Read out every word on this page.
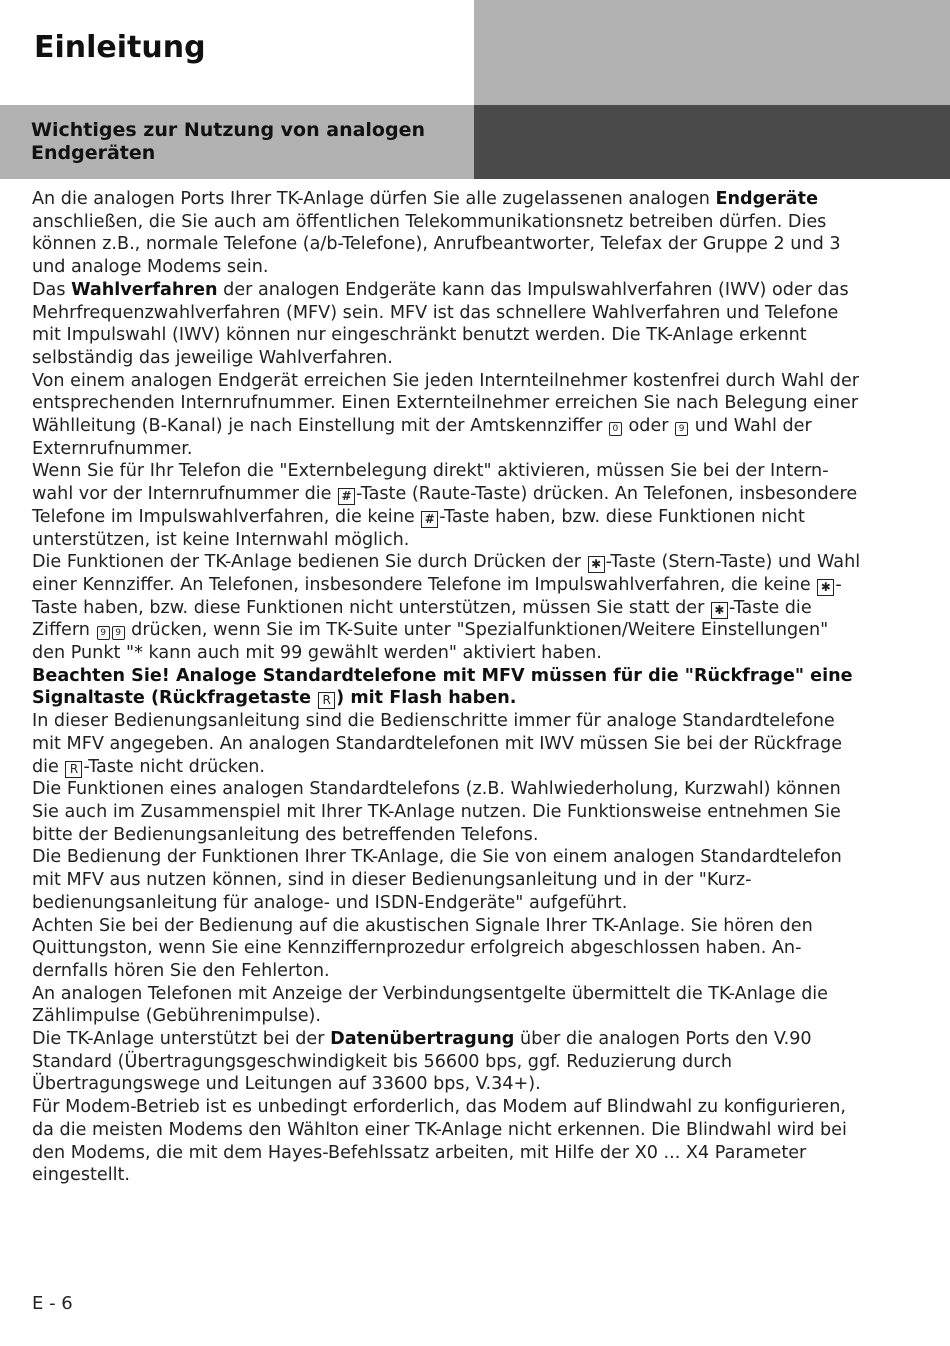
Einleitung
Wichtiges zur Nutzung von analogen Endgeräten

An die analogen Ports Ihrer TK-Anlage dürfen Sie alle zugelassenen analogen Endgeräte anschließen, die Sie auch am öffentlichen Telekommunikationsnetz betreiben dürfen. Dies können z.B., normale Telefone (a/b-Telefone), Anrufbeantworter, Telefax der Gruppe 2 und 3 und analoge Modems sein.

Das Wahlverfahren der analogen Endgeräte kann das Impulswahlverfahren (IWV) oder das Mehrfrequenzwahlverfahren (MFV) sein. MFV ist das schnellere Wahlverfahren und Telefone mit Impulswahl (IWV) können nur eingeschränkt benutzt werden. Die TK-Anlage erkennt selbständig das jeweilige Wahlverfahren.

Von einem analogen Endgerät erreichen Sie jeden Internteilnehmer kostenfrei durch Wahl der entsprechenden Internrufnummer. Einen Externteilnehmer erreichen Sie nach Belegung einer Wählleitung (B-Kanal) je nach Einstellung mit der Amtskennziffer 0 oder 9 und Wahl der Externrufnummer.

Wenn Sie für Ihr Telefon die "Externbelegung direkt" aktivieren, müssen Sie bei der Internwahl vor der Internrufnummer die # -Taste (Raute-Taste) drücken. An Telefonen, insbesondere Telefone im Impulswahlverfahren, die keine # -Taste haben, bzw. diese Funktionen nicht unterstützen, ist keine Internwahl möglich.

Die Funktionen der TK-Anlage bedienen Sie durch Drücken der ✱ -Taste (Stern-Taste) und Wahl einer Kennziffer. An Telefonen, insbesondere Telefone im Impulswahlverfahren, die keine ✱ -Taste haben, bzw. diese Funktionen nicht unterstützen, müssen Sie statt der ✱ -Taste die Ziffern 9 9 drücken, wenn Sie im TK-Suite unter "Spezialfunktionen/Weitere Einstellungen" den Punkt "* kann auch mit 99 gewählt werden" aktiviert haben.

Beachten Sie! Analoge Standardtelefone mit MFV müssen für die "Rückfrage" eine Signaltaste (Rückfragetaste R ) mit Flash haben.

In dieser Bedienungsanleitung sind die Bedienschritte immer für analoge Standardtelefone mit MFV angegeben. An analogen Standardtelefonen mit IWV müssen Sie bei der Rückfrage die R -Taste nicht drücken.

Die Funktionen eines analogen Standardtelefons (z.B. Wahlwiederholung, Kurzwahl) können Sie auch im Zusammenspiel mit Ihrer TK-Anlage nutzen. Die Funktionsweise entnehmen Sie bitte der Bedienungsanleitung des betreffenden Telefons.

Die Bedienung der Funktionen Ihrer TK-Anlage, die Sie von einem analogen Standardtelefon mit MFV aus nutzen können, sind in dieser Bedienungsanleitung und in der "Kurzbedienungsanleitung für analoge- und ISDN-Endgeräte" aufgeführt.

Achten Sie bei der Bedienung auf die akustischen Signale Ihrer TK-Anlage. Sie hören den Quittungston, wenn Sie eine Kennziffernprozedur erfolgreich abgeschlossen haben. Andernfalls hören Sie den Fehlerton.

An analogen Telefonen mit Anzeige der Verbindungsentgelte übermittelt die TK-Anlage die Zählimpulse (Gebührenimpulse).

Die TK-Anlage unterstützt bei der Datenübertragung über die analogen Ports den V.90 Standard (Übertragungsgeschwindigkeit bis 56600 bps, ggf. Reduzierung durch Übertragungswege und Leitungen auf 33600 bps, V.34+).

Für Modem-Betrieb ist es unbedingt erforderlich, das Modem auf Blindwahl zu konfigurieren, da die meisten Modems den Wählton einer TK-Anlage nicht erkennen. Die Blindwahl wird bei den Modems, die mit dem Hayes-Befehlssatz arbeiten, mit Hilfe der X0 ... X4 Parameter eingestellt.

E - 6
